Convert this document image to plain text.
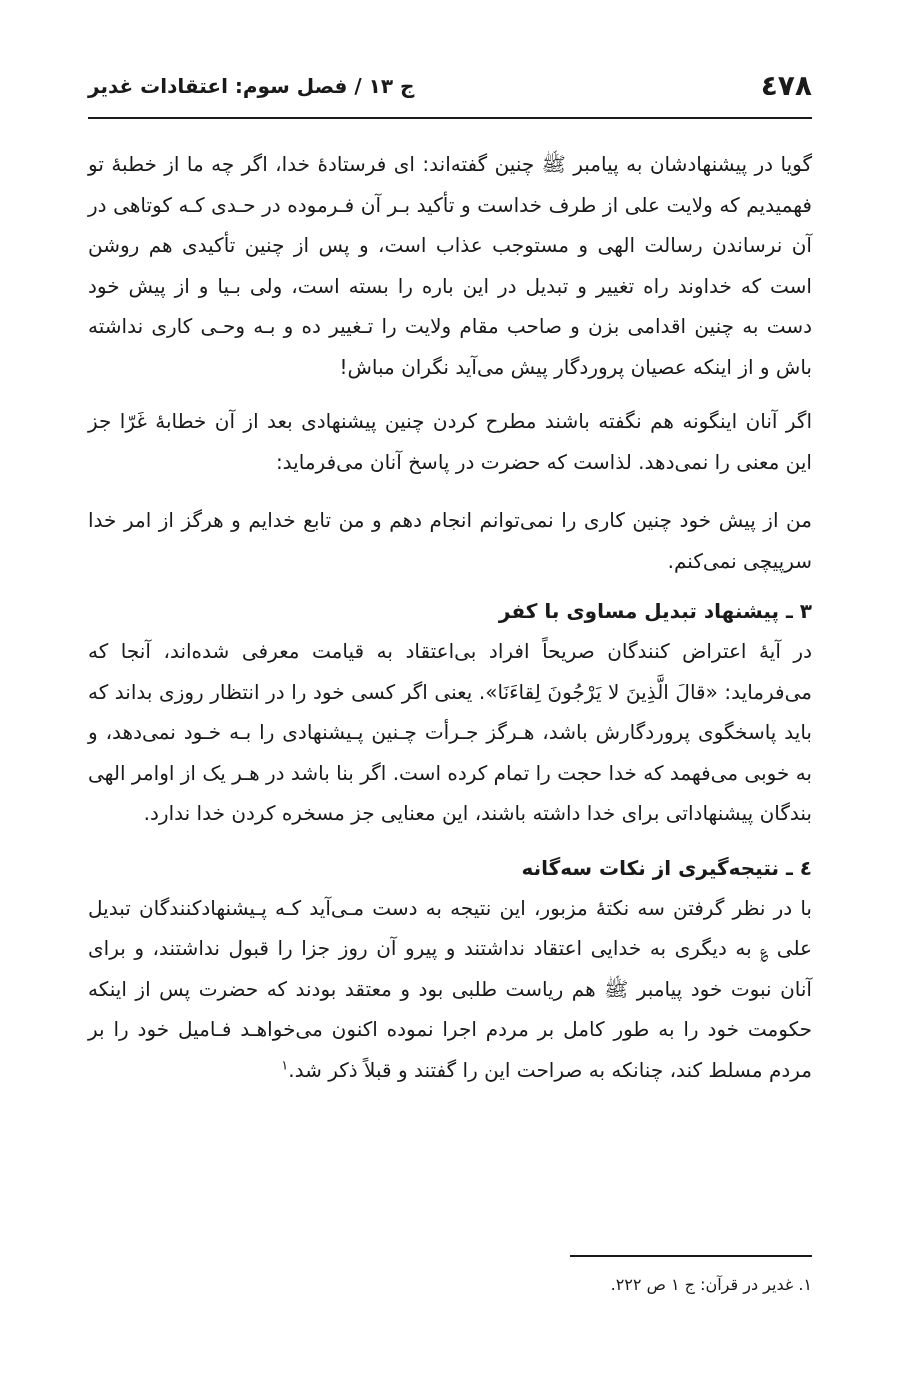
٤٧٨
ج ١٣ / فصل سوم: اعتقادات غدير

گويا در پيشنهادشان به پيامبر ﷺ چنين گفته‌اند: اى فرستادۀ خدا، اگر چه ما از خطبۀ تو فهميديم كه ولايت على از طرف خداست و تأكيد بـر آن فـرموده در حـدى كـه كوتاهى در آن نرساندن رسالت الهى و مستوجب عذاب است، و پس از چنين تأكيدى هم روشن است كه خداوند راه تغيير و تبديل در اين باره را بسته است، ولى بـيا و از پيش خود دست به چنين اقدامى بزن و صاحب مقام ولايت را تـغيير ده و بـه وحـى كارى نداشته باش و از اينكه عصيان پروردگار پيش مى‌آيد نگران مباش!

اگر آنان اينگونه هم نگفته باشند مطرح كردن چنين پيشنهادى بعد از آن خطابۀ غَرّا جز اين معنى را نمى‌دهد. لذاست كه حضرت در پاسخ آنان مى‌فرمايد:

من از پيش خود چنين كارى را نمى‌توانم انجام دهم و من تابع خدايم و هرگز از امر خدا سرپيچى نمى‌كنم.

٣ ـ پيشنهاد تبديل مساوى با كفر

در آيۀ اعتراض كنندگان صريحاً افراد بى‌اعتقاد به قيامت معرفى شده‌اند، آنجا كه مى‌فرمايد: «قالَ الَّذِينَ لا يَرْجُونَ لِقاءَنَا». يعنى اگر كسى خود را در انتظار روزى بداند كه بايد پاسخگوى پروردگارش باشد، هـرگز جـرأت چـنين پـيشنهادى را بـه خـود نمى‌دهد، و به خوبى مى‌فهمد كه خدا حجت را تمام كرده است. اگر بنا باشد در هـر يک از اوامر الهى بندگان پيشنهاداتى براى خدا داشته باشند، اين معنايى جز مسخره كردن خدا ندارد.

٤ ـ نتيجه‌گيرى از نكات سه‌گانه

با در نظر گرفتن سه نكتۀ مزبور، اين نتيجه به دست مـى‌آيد كـه پـيشنهادكنندگان تبديل على ؏ به ديگرى به خدايى اعتقاد نداشتند و پيرو آن روز جزا را قبول نداشتند، و براى آنان نبوت خود پيامبر ﷺ هم رياست طلبى بود و معتقد بودند كه حضرت پس از اينكه حكومت خود را به طور كامل بر مردم اجرا نموده اكنون مى‌خواهـد فـاميل خود را بر مردم مسلط كند، چنانكه به صراحت اين را گفتند و قبلاً ذكر شد.$^١$

١. غدير در قرآن: ج ١ ص ٢٢٢.
